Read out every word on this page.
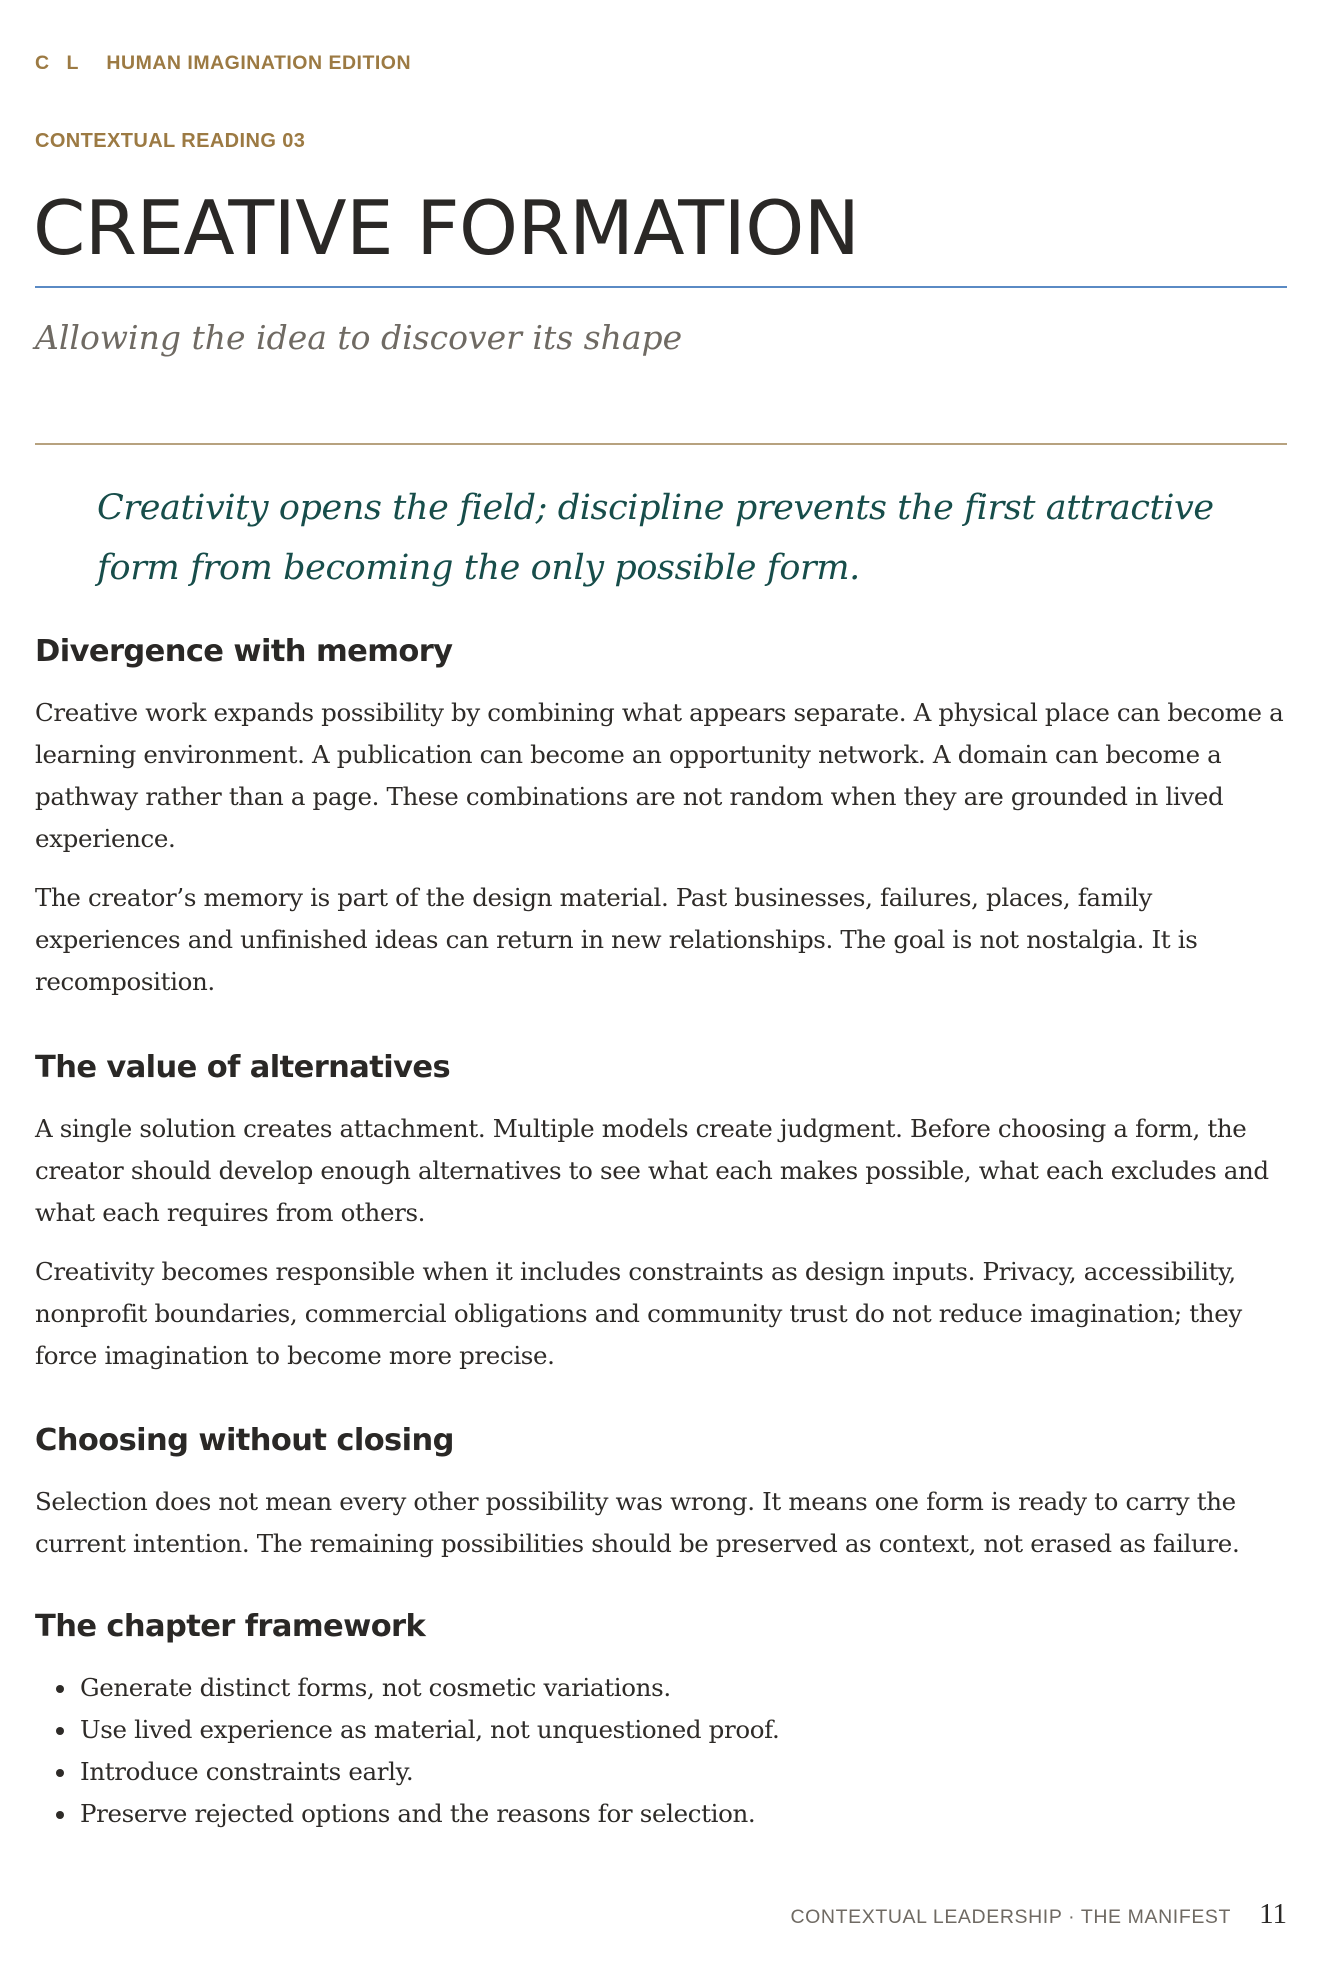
C L HUMAN IMAGINATION EDITION
CONTEXTUAL READING 03
CREATIVE FORMATION

Allowing the idea to discover its shape

Creativity opens the field; discipline prevents the first attractive form from becoming the only possible form.

Divergence with memory

Creative work expands possibility by combining what appears separate. A physical place can become a learning environment. A publication can become an opportunity network. A domain can become a pathway rather than a page. These combinations are not random when they are grounded in lived experience.

The creator’s memory is part of the design material. Past businesses, failures, places, family experiences and unfinished ideas can return in new relationships. The goal is not nostalgia. It is recomposition.

The value of alternatives

A single solution creates attachment. Multiple models create judgment. Before choosing a form, the creator should develop enough alternatives to see what each makes possible, what each excludes and what each requires from others.

Creativity becomes responsible when it includes constraints as design inputs. Privacy, accessibility, nonprofit boundaries, commercial obligations and community trust do not reduce imagination; they force imagination to become more precise.

Choosing without closing

Selection does not mean every other possibility was wrong. It means one form is ready to carry the current intention. The remaining possibilities should be preserved as context, not erased as failure.

The chapter framework
Generate distinct forms, not cosmetic variations.
Use lived experience as material, not unquestioned proof.
Introduce constraints early.
Preserve rejected options and the reasons for selection.
CONTEXTUAL LEADERSHIP · THE MANIFEST 11
